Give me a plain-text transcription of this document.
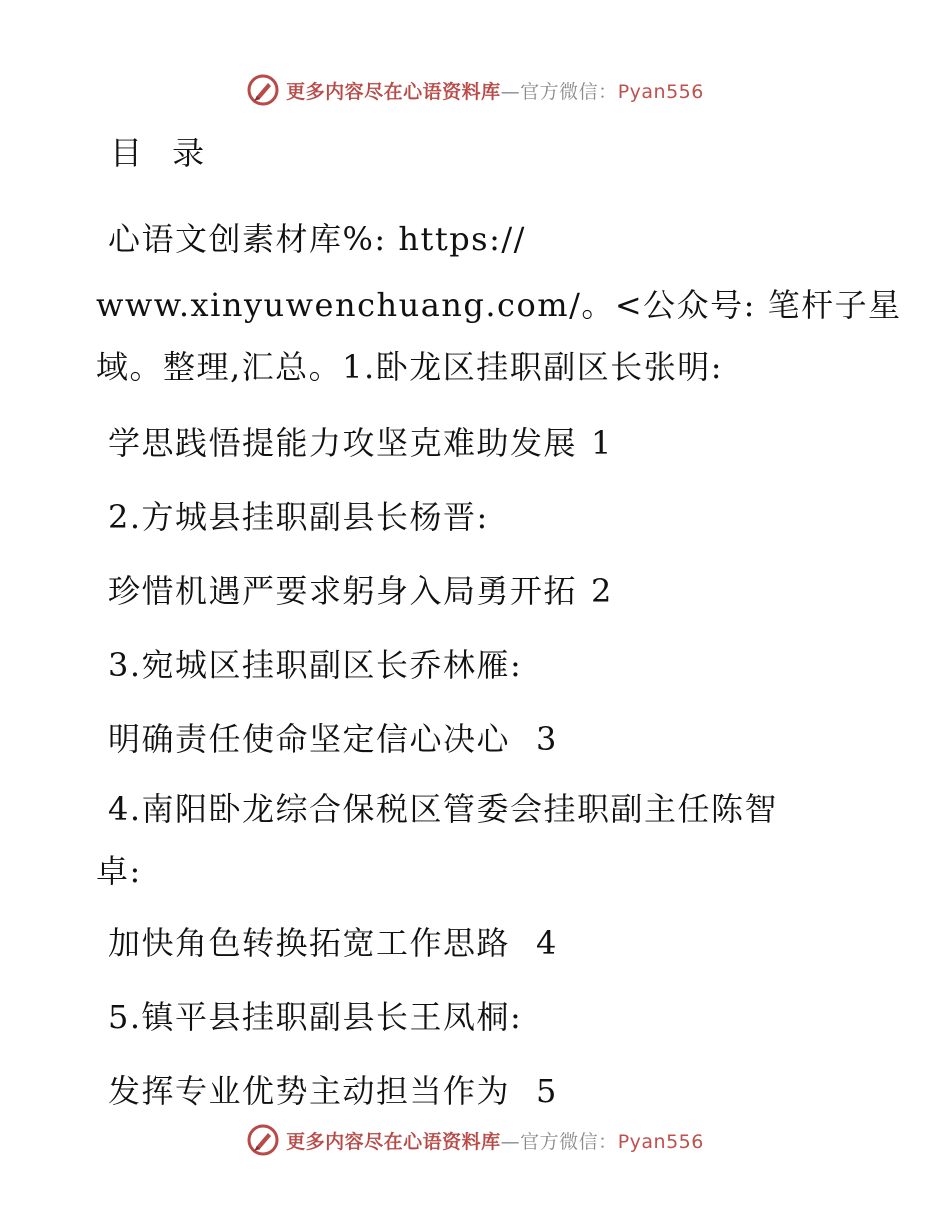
更多内容尽在心语资料库—官方微信：Pyan556
目 录
心语文创素材库%: https://
www.xinyuwenchuang.com/。<公众号: 笔杆子星
域。整理,汇总。1.卧龙区挂职副区长张明:
学思践悟提能力攻坚克难助发展 1
2.方城县挂职副县长杨晋:
珍惜机遇严要求躬身入局勇开拓 2
3.宛城区挂职副区长乔林雁:
明确责任使命坚定信心决心 3
4.南阳卧龙综合保税区管委会挂职副主任陈智
卓:
加快角色转换拓宽工作思路 4
5.镇平县挂职副县长王凤桐:
发挥专业优势主动担当作为 5
更多内容尽在心语资料库—官方微信：Pyan556
